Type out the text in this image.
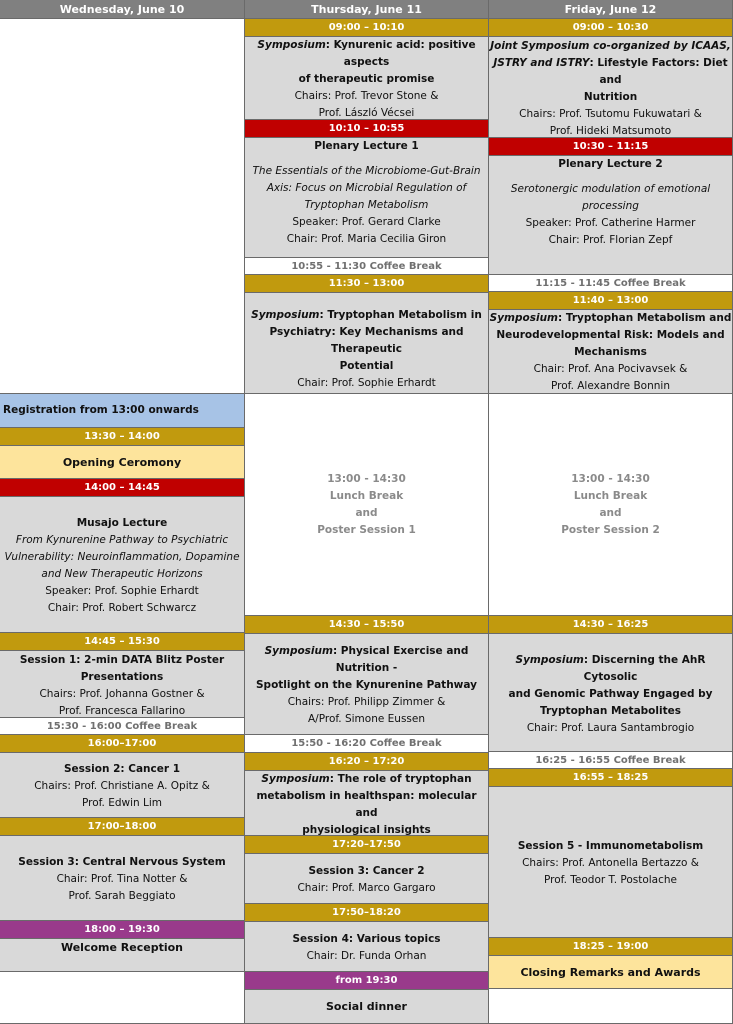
Wednesday, June 10	Thursday, June 11	Friday, June 12
Registration from 13:00 onwards
13:30 – 14:00
Opening Ceromony
14:00 – 14:45
Musajo Lecture
From Kynurenine Pathway to Psychiatric
Vulnerability: Neuroinflammation, Dopamine
and New Therapeutic Horizons
Speaker: Prof. Sophie Erhardt
Chair: Prof. Robert Schwarcz
14:45 – 15:30
Session 1: 2-min DATA Blitz Poster
Presentations
Chairs: Prof. Johanna Gostner &
Prof. Francesca Fallarino
15:30 - 16:00 Coffee Break
16:00–17:00
Session 2: Cancer 1
Chairs: Prof. Christiane A. Opitz &
Prof. Edwin Lim
17:00–18:00
Session 3: Central Nervous System
Chair: Prof. Tina Notter &
Prof. Sarah Beggiato
18:00 – 19:30
Welcome Reception
09:00 – 10:10
Symposium: Kynurenic acid: positive aspects
of therapeutic promise
Chairs: Prof. Trevor Stone &
Prof. László Vécsei
10:10 – 10:55
Plenary Lecture 1
The Essentials of the Microbiome-Gut-Brain
Axis: Focus on Microbial Regulation of
Tryptophan Metabolism
Speaker: Prof. Gerard Clarke
Chair: Prof. Maria Cecilia Giron
10:55 - 11:30 Coffee Break
11:30 – 13:00
Symposium: Tryptophan Metabolism in
Psychiatry: Key Mechanisms and Therapeutic
Potential
Chair: Prof. Sophie Erhardt
13:00 - 14:30
Lunch Break
and
Poster Session 1
14:30 – 15:50
Symposium: Physical Exercise and Nutrition -
Spotlight on the Kynurenine Pathway
Chairs: Prof. Philipp Zimmer &
A/Prof. Simone Eussen
15:50 - 16:20 Coffee Break
16:20 – 17:20
Symposium: The role of tryptophan
metabolism in healthspan: molecular and
physiological insights
17:20–17:50
Session 3: Cancer 2
Chair: Prof. Marco Gargaro
17:50–18:20
Session 4: Various topics
Chair: Dr. Funda Orhan
from 19:30
Social dinner
09:00 – 10:30
Joint Symposium co-organized by ICAAS,
JSTRY and ISTRY: Lifestyle Factors: Diet and
Nutrition
Chairs: Prof. Tsutomu Fukuwatari &
Prof. Hideki Matsumoto
10:30 – 11:15
Plenary Lecture 2
Serotonergic modulation of emotional
processing
Speaker: Prof. Catherine Harmer
Chair: Prof. Florian Zepf
11:15 - 11:45 Coffee Break
11:40 – 13:00
Symposium: Tryptophan Metabolism and
Neurodevelopmental Risk: Models and
Mechanisms
Chair: Prof. Ana Pocivavsek &
Prof. Alexandre Bonnin
13:00 - 14:30
Lunch Break
and
Poster Session 2
14:30 – 16:25
Symposium: Discerning the AhR Cytosolic
and Genomic Pathway Engaged by
Tryptophan Metabolites
Chair: Prof. Laura Santambrogio
16:25 - 16:55 Coffee Break
16:55 – 18:25
Session 5 - Immunometabolism
Chairs: Prof. Antonella Bertazzo &
Prof. Teodor T. Postolache
18:25 – 19:00
Closing Remarks and Awards
